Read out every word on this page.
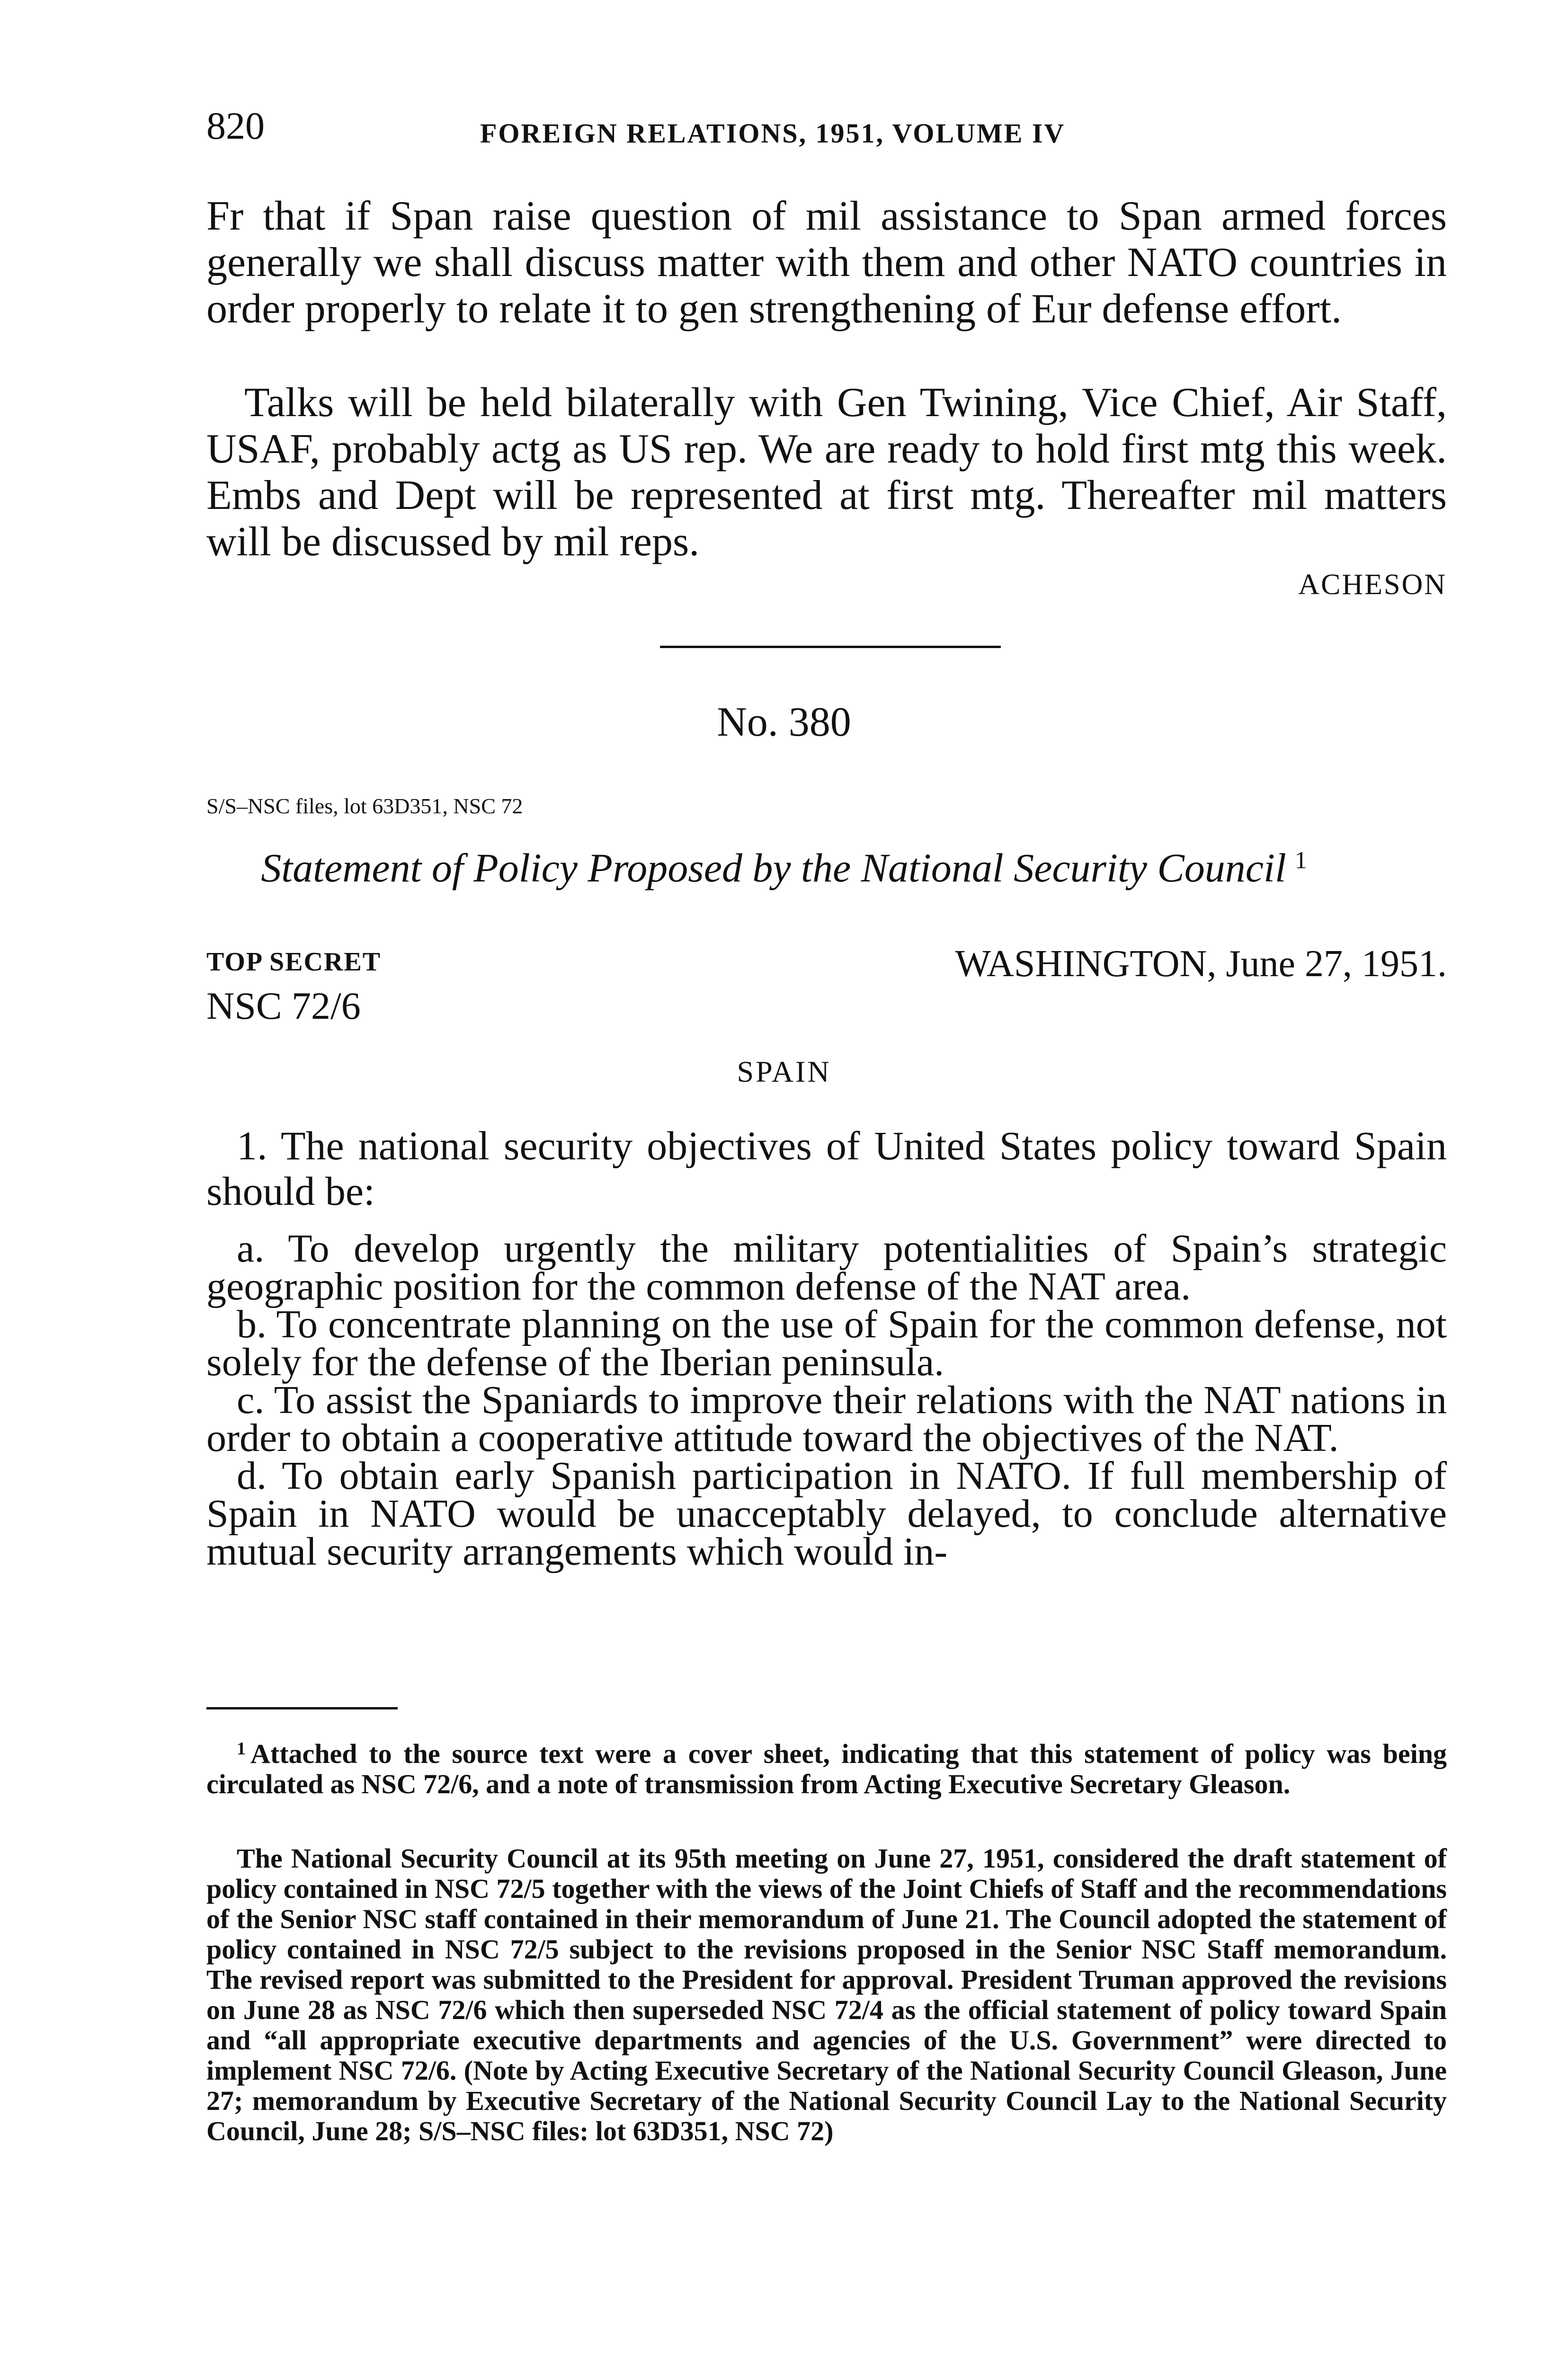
820	FOREIGN RELATIONS, 1951, VOLUME IV

Fr that if Span raise question of mil assistance to Span armed forces generally we shall discuss matter with them and other NATO countries in order properly to relate it to gen strengthening of Eur defense effort.

Talks will be held bilaterally with Gen Twining, Vice Chief, Air Staff, USAF, probably actg as US rep. We are ready to hold first mtg this week. Embs and Dept will be represented at first mtg. Thereafter mil matters will be discussed by mil reps.

ACHESON
No. 380
S/S–NSC files, lot 63D351, NSC 72
Statement of Policy Proposed by the National Security Council $^1$
TOP SECRET
NSC 72/6
WASHINGTON, June 27, 1951.
SPAIN

1. The national security objectives of United States policy toward Spain should be:

a. To develop urgently the military potentialities of Spain’s strategic geographic position for the common defense of the NAT area.
b. To concentrate planning on the use of Spain for the common defense, not solely for the defense of the Iberian peninsula.
c. To assist the Spaniards to improve their relations with the NAT nations in order to obtain a cooperative attitude toward the objectives of the NAT.
d. To obtain early Spanish participation in NATO. If full membership of Spain in NATO would be unacceptably delayed, to conclude alternative mutual security arrangements which would in-

$^1$ Attached to the source text were a cover sheet, indicating that this statement of policy was being circulated as NSC 72/6, and a note of transmission from Acting Executive Secretary Gleason.

The National Security Council at its 95th meeting on June 27, 1951, considered the draft statement of policy contained in NSC 72/5 together with the views of the Joint Chiefs of Staff and the recommendations of the Senior NSC staff contained in their memorandum of June 21. The Council adopted the statement of policy contained in NSC 72/5 subject to the revisions proposed in the Senior NSC Staff memorandum. The revised report was submitted to the President for approval. President Truman approved the revisions on June 28 as NSC 72/6 which then superseded NSC 72/4 as the official statement of policy toward Spain and “all appropriate executive departments and agencies of the U.S. Government” were directed to implement NSC 72/6. (Note by Acting Executive Secretary of the National Security Council Gleason, June 27; memorandum by Executive Secretary of the National Security Council Lay to the National Security Council, June 28; S/S–NSC files: lot 63D351, NSC 72)
